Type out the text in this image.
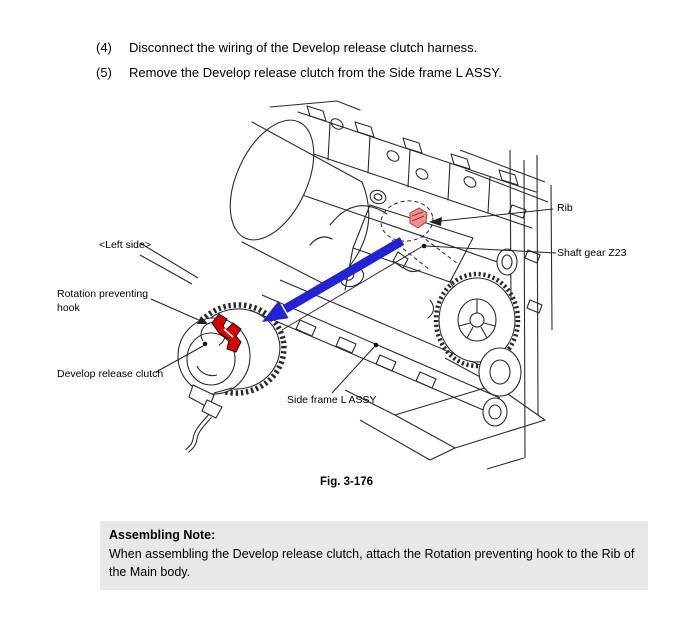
(4)	Disconnect the wiring of the Develop release clutch harness.
(5)	Remove the Develop release clutch from the Side frame L ASSY.
<Left side>
Rotation preventing hook
Develop release clutch
Side frame L ASSY
Rib
Shaft gear Z23
Fig. 3-176
Assembling Note:
When assembling the Develop release clutch, attach the Rotation preventing hook to the Rib of the Main body.
